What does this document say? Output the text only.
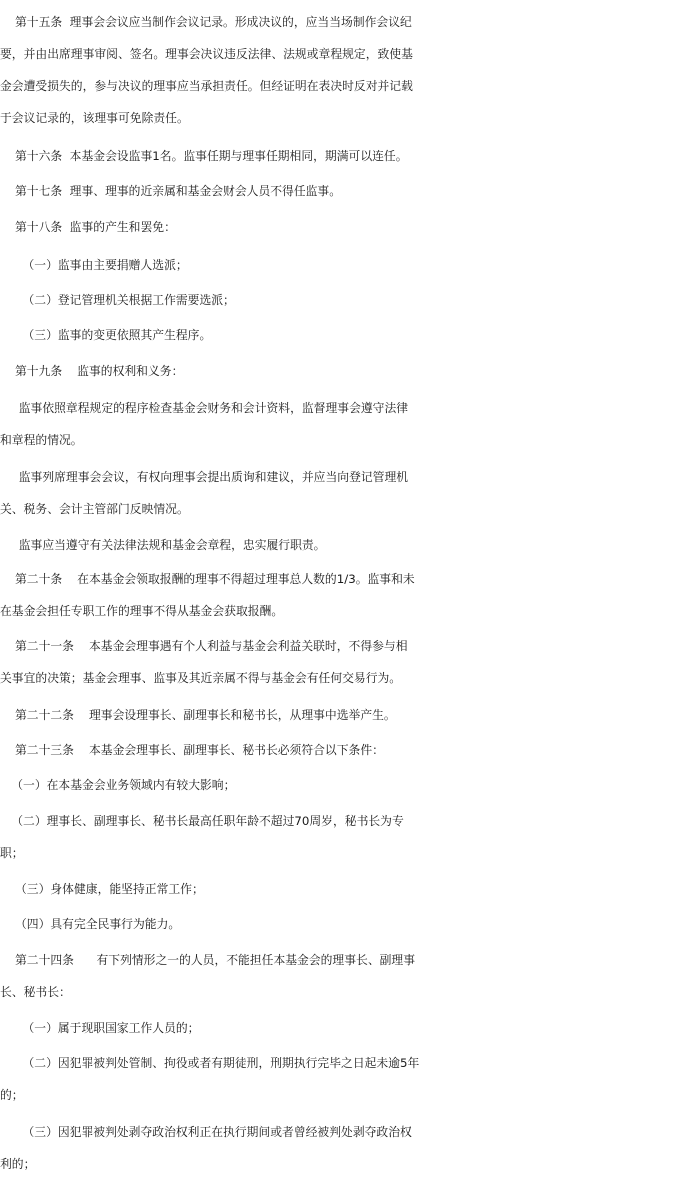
第十五条  理事会会议应当制作会议记录。形成决议的，应当当场制作会议纪
要，并由出席理事审阅、签名。理事会决议违反法律、法规或章程规定，致使基
金会遭受损失的，参与决议的理事应当承担责任。但经证明在表决时反对并记载
于会议记录的，该理事可免除责任。
第十六条  本基金会设监事1名。监事任期与理事任期相同，期满可以连任。
第十七条  理事、理事的近亲属和基金会财会人员不得任监事。
第十八条  监事的产生和罢免：
（一）监事由主要捐赠人选派；
（二）登记管理机关根据工作需要选派；
（三）监事的变更依照其产生程序。
第十九条    监事的权利和义务：
监事依照章程规定的程序检查基金会财务和会计资料，监督理事会遵守法律
和章程的情况。
监事列席理事会会议，有权向理事会提出质询和建议，并应当向登记管理机
关、税务、会计主管部门反映情况。
监事应当遵守有关法律法规和基金会章程，忠实履行职责。
第二十条    在本基金会领取报酬的理事不得超过理事总人数的1/3。监事和未
在基金会担任专职工作的理事不得从基金会获取报酬。
第二十一条    本基金会理事遇有个人利益与基金会利益关联时，不得参与相
关事宜的决策；基金会理事、监事及其近亲属不得与基金会有任何交易行为。
第二十二条    理事会设理事长、副理事长和秘书长，从理事中选举产生。
第二十三条    本基金会理事长、副理事长、秘书长必须符合以下条件：
（一）在本基金会业务领域内有较大影响；
（二）理事长、副理事长、秘书长最高任职年龄不超过70周岁，秘书长为专
职；
（三）身体健康，能坚持正常工作；
（四）具有完全民事行为能力。
第二十四条      有下列情形之一的人员，不能担任本基金会的理事长、副理事
长、秘书长：
（一）属于现职国家工作人员的；
（二）因犯罪被判处管制、拘役或者有期徒刑，刑期执行完毕之日起未逾5年
的；
（三）因犯罪被判处剥夺政治权利正在执行期间或者曾经被判处剥夺政治权
利的；
